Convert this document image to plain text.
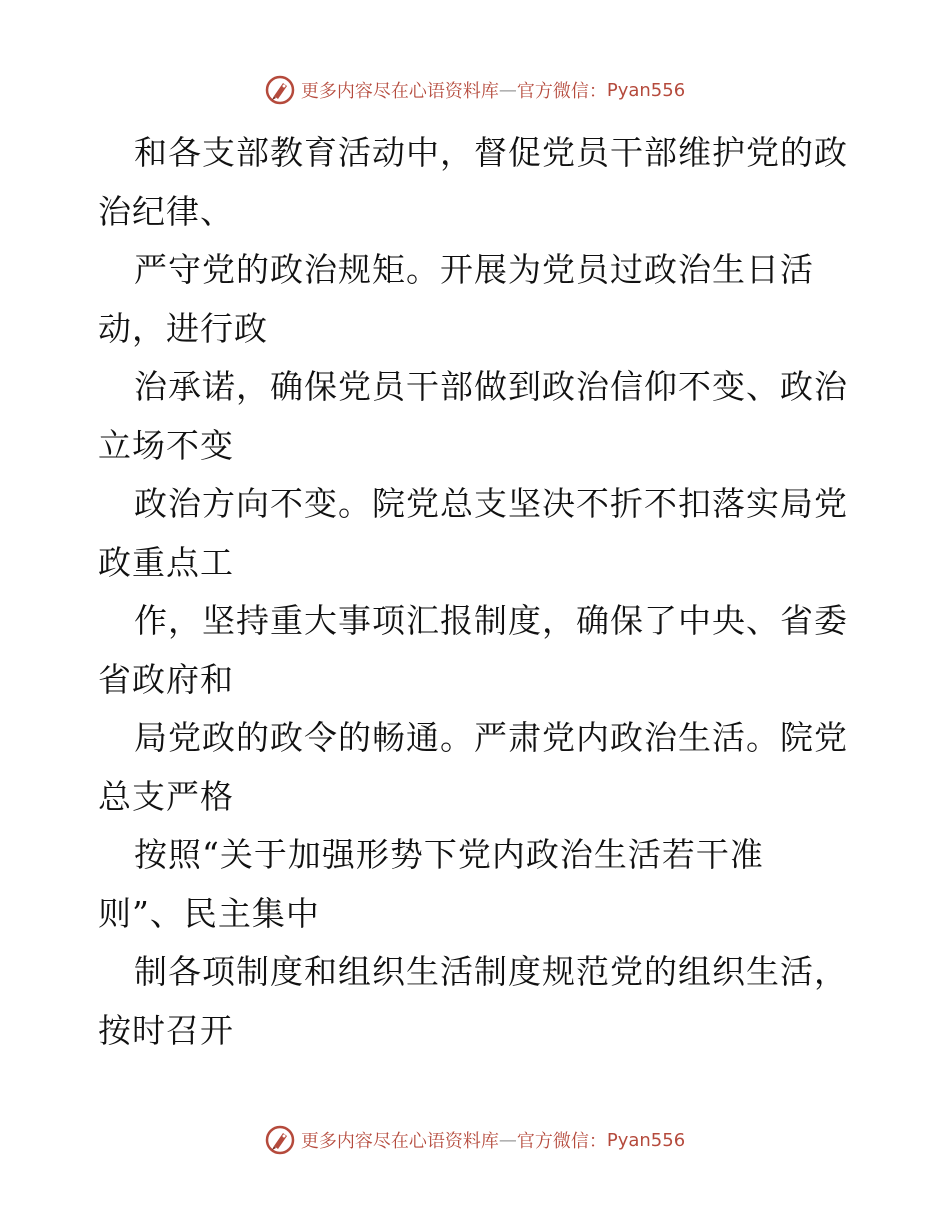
更多内容尽在心语资料库 — 官方微信： Pyan556
和各支部教育活动中，督促党员干部维护党的政
治纪律、
严守党的政治规矩。开展为党员过政治生日活
动，进行政
治承诺，确保党员干部做到政治信仰不变、政治
立场不变
政治方向不变。院党总支坚决不折不扣落实局党
政重点工
作，坚持重大事项汇报制度，确保了中央、省委
省政府和
局党政的政令的畅通。严肃党内政治生活。院党
总支严格
按照“关于加强形势下党内政治生活若干准
则”、民主集中
制各项制度和组织生活制度规范党的组织生活，
按时召开
更多内容尽在心语资料库 — 官方微信： Pyan556
